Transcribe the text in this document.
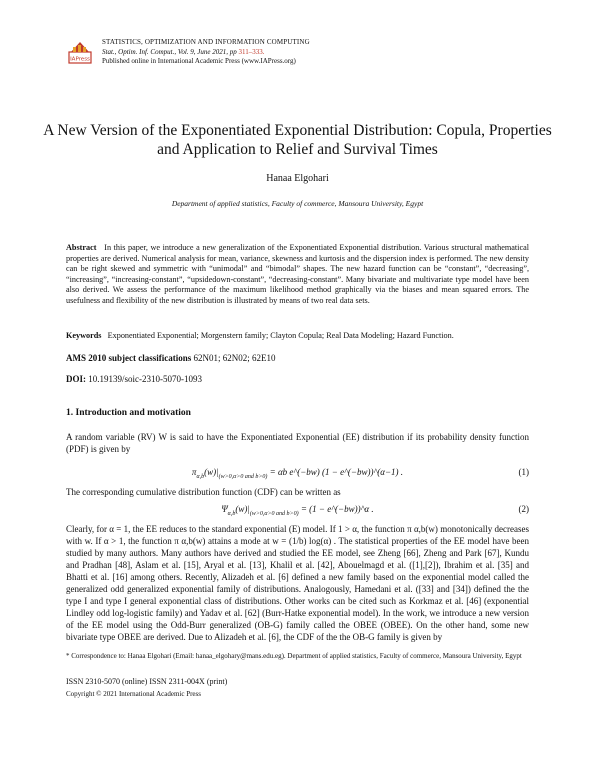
IAPress
STATISTICS, OPTIMIZATION AND INFORMATION COMPUTING
Stat., Optim. Inf. Comput., Vol. 9, June 2021, pp 311–333.
Published online in International Academic Press (www.IAPress.org)
A New Version of the Exponentiated Exponential Distribution: Copula, Properties and Application to Relief and Survival Times
Hanaa Elgohari
Department of applied statistics, Faculty of commerce, Mansoura University, Egypt
Abstract In this paper, we introduce a new generalization of the Exponentiated Exponential distribution. Various structural mathematical properties are derived. Numerical analysis for mean, variance, skewness and kurtosis and the dispersion index is performed. The new density can be right skewed and symmetric with “unimodal” and “bimodal” shapes. The new hazard function can be “constant”, “decreasing”, “increasing”, “increasing-constant”, “upsidedown-constant”, “decreasing-constant”. Many bivariate and multivariate type model have been also derived. We assess the performance of the maximum likelihood method graphically via the biases and mean squared errors. The usefulness and flexibility of the new distribution is illustrated by means of two real data sets.
Keywords Exponentiated Exponential; Morgenstern family; Clayton Copula; Real Data Modeling; Hazard Function.
AMS 2010 subject classifications 62N01; 62N02; 62E10
DOI: 10.19139/soic-2310-5070-1093
1. Introduction and motivation
A random variable (RV) W is said to have the Exponentiated Exponential (EE) distribution if its probability density function (PDF) is given by
$\pi_{\alpha,b}(w)|_{(w>0,\alpha>0 and b>0)} = \alpha b$ e^(−bw) (1 − e^(−bw))^(α−1) .	(1)
The corresponding cumulative distribution function (CDF) can be written as
$\Psi_{\alpha,b}(w)|_{(w>0,\alpha>0 and b>0)} = (1$ − e^(−bw))^α .	(2)
Clearly, for α = 1, the EE reduces to the standard exponential (E) model. If 1 > α, the function π α,b(w) monotonically decreases with w. If α > 1, the function π α,b(w) attains a mode at w = (1/b) log(α) . The statistical properties of the EE model have been studied by many authors. Many authors have derived and studied the EE model, see Zheng [66], Zheng and Park [67], Kundu and Pradhan [48], Aslam et al. [15], Aryal et al. [13], Khalil et al. [42], Abouelmagd et al. ([1],[2]), Ibrahim et al. [35] and Bhatti et al. [16] among others. Recently, Alizadeh et al. [6] defined a new family based on the exponential model called the generalized odd generalized exponential family of distributions. Analogously, Hamedani et al. ([33] and [34]) defined the the type I and type I general exponential class of distributions. Other works can be cited such as Korkmaz et al. [46] (exponential Lindley odd log-logistic family) and Yadav et al. [62] (Burr-Hatke exponential model). In the work, we introduce a new version of the EE model using the Odd-Burr generalized (OB-G) family called the OBEE (OBEE). On the other hand, some new bivariate type OBEE are derived. Due to Alizadeh et al. [6], the CDF of the the OB-G family is given by
* Correspondence to: Hanaa Elgohari (Email: hanaa_elgohary@mans.edu.eg). Department of applied statistics, Faculty of commerce, Mansoura University, Egypt
ISSN 2310-5070 (online) ISSN 2311-004X (print)
Copyright © 2021 International Academic Press
